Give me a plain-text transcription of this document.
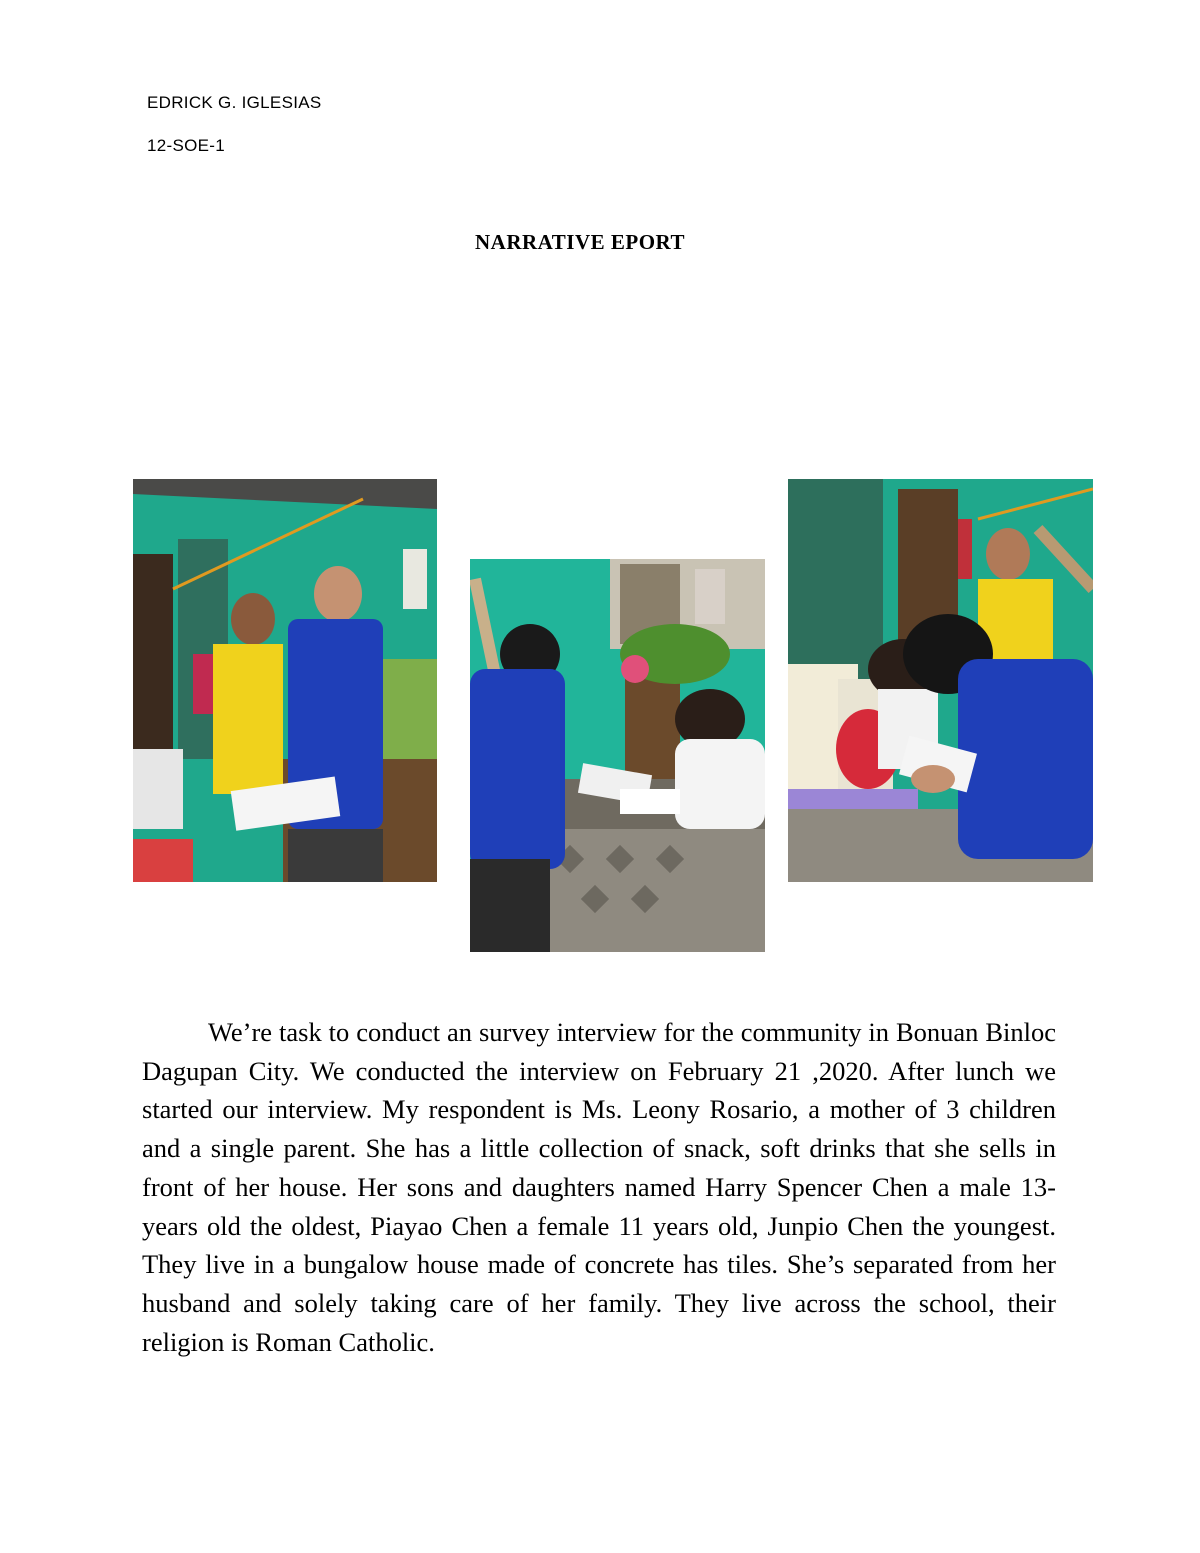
EDRICK G. IGLESIAS
12-SOE-1
NARRATIVE EPORT

We’re task to conduct an survey interview for the community in Bonuan Binloc Dagupan City. We conducted the interview on February 21 ,2020. After lunch we started our interview. My respondent is Ms. Leony Rosario, a mother of 3 children and a single parent. She has a little collection of snack, soft drinks that she sells in front of her house. Her sons and daughters named Harry Spencer Chen a male 13-years old the oldest, Piayao Chen a female 11 years old, Junpio Chen the youngest. They live in a bungalow house made of concrete has tiles. She’s separated from her husband and solely taking care of her family. They live across the school, their religion is Roman Catholic.
